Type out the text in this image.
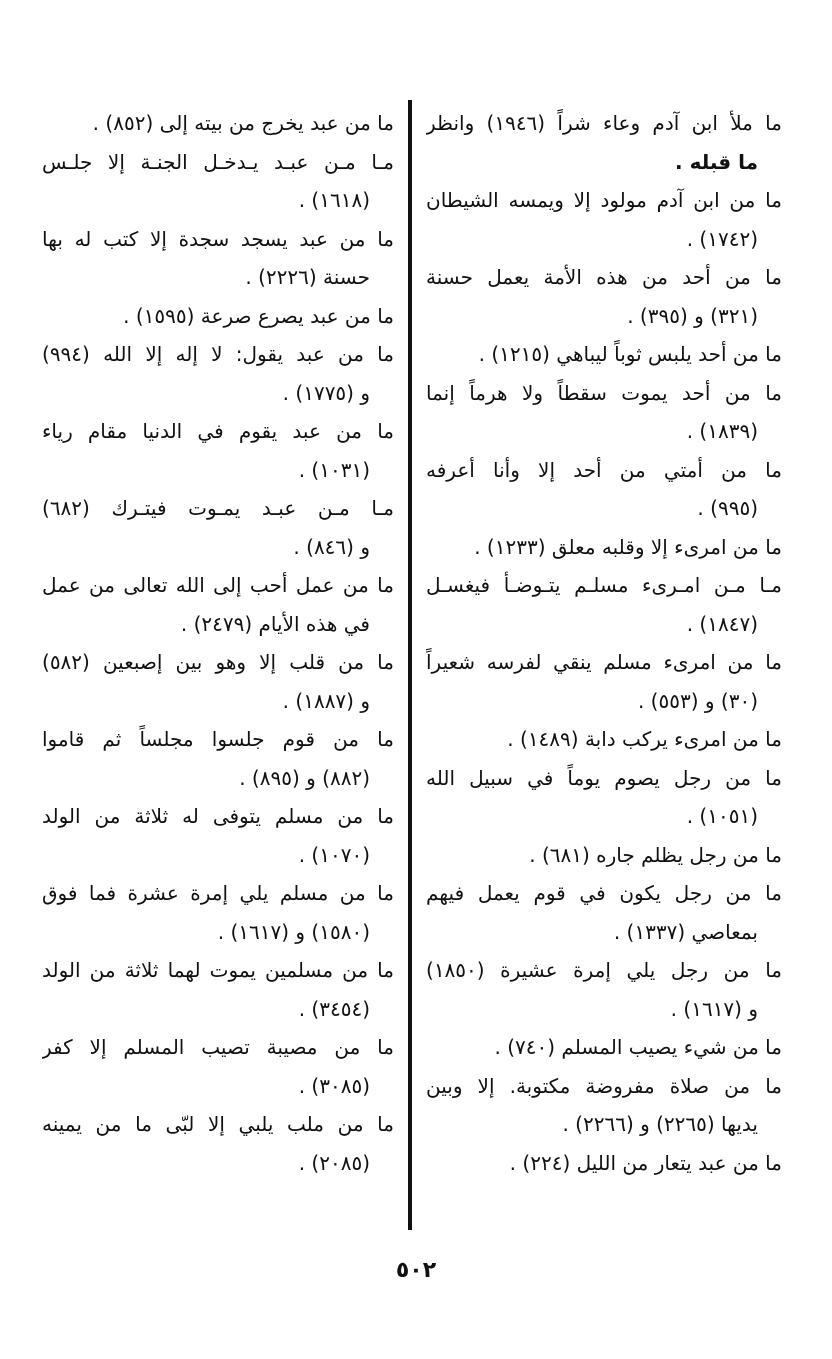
ما ملأ ابن آدم وعاء شراً (١٩٤٦) وانظر
ما قبله .
ما من ابن آدم مولود إلا ويمسه الشيطان
(١٧٤٢) .
ما من أحد من هذه الأمة يعمل حسنة
(٣٢١) و (٣٩٥) .
ما من أحد يلبس ثوباً ليباهي (١٢١٥) .
ما من أحد يموت سقطاً ولا هرماً إنما
(١٨٣٩) .
ما من أمتي من أحد إلا وأنا أعرفه
(٩٩٥) .
ما من امرىء إلا وقلبه معلق (١٢٣٣) .
مـا مـن امـرىء مسلـم يتـوضـأ فيغسـل
(١٨٤٧) .
ما من امرىء مسلم ينقي لفرسه شعيراً
(٣٠) و (٥٥٣) .
ما من امرىء يركب دابة (١٤٨٩) .
ما من رجل يصوم يوماً في سبيل الله
(١٠٥١) .
ما من رجل يظلم جاره (٦٨١) .
ما من رجل يكون في قوم يعمل فيهم
بمعاصي (١٣٣٧) .
ما من رجل يلي إمرة عشيرة (١٨٥٠)
و (١٦١٧) .
ما من شيء يصيب المسلم (٧٤٠) .
ما من صلاة مفروضة مكتوبة. إلا وبين
يديها (٢٢٦٥) و (٢٢٦٦) .
ما من عبد يتعار من الليل (٢٢٤) .
ما من عبد يخرج من بيته إلى (٨٥٢) .
مـا مـن عبـد يـدخـل الجنـة إلا جلـس
(١٦١٨) .
ما من عبد يسجد سجدة إلا كتب له بها
حسنة (٢٢٢٦) .
ما من عبد يصرع صرعة (١٥٩٥) .
ما من عبد يقول: لا إله إلا الله (٩٩٤)
و (١٧٧٥) .
ما من عبد يقوم في الدنيا مقام رياء
(١٠٣١) .
مـا مـن عبـد يمـوت فيتـرك (٦٨٢)
و (٨٤٦) .
ما من عمل أحب إلى الله تعالى من عمل
في هذه الأيام (٢٤٧٩) .
ما من قلب إلا وهو بين إصبعين (٥٨٢)
و (١٨٨٧) .
ما من قوم جلسوا مجلساً ثم قاموا
(٨٨٢) و (٨٩٥) .
ما من مسلم يتوفى له ثلاثة من الولد
(١٠٧٠) .
ما من مسلم يلي إمرة عشرة فما فوق
(١٥٨٠) و (١٦١٧) .
ما من مسلمين يموت لهما ثلاثة من الولد
(٣٤٥٤) .
ما من مصيبة تصيب المسلم إلا كفر
(٣٠٨٥) .
ما من ملب يلبي إلا لبّى ما من يمينه
(٢٠٨٥) .
٥٠٢
